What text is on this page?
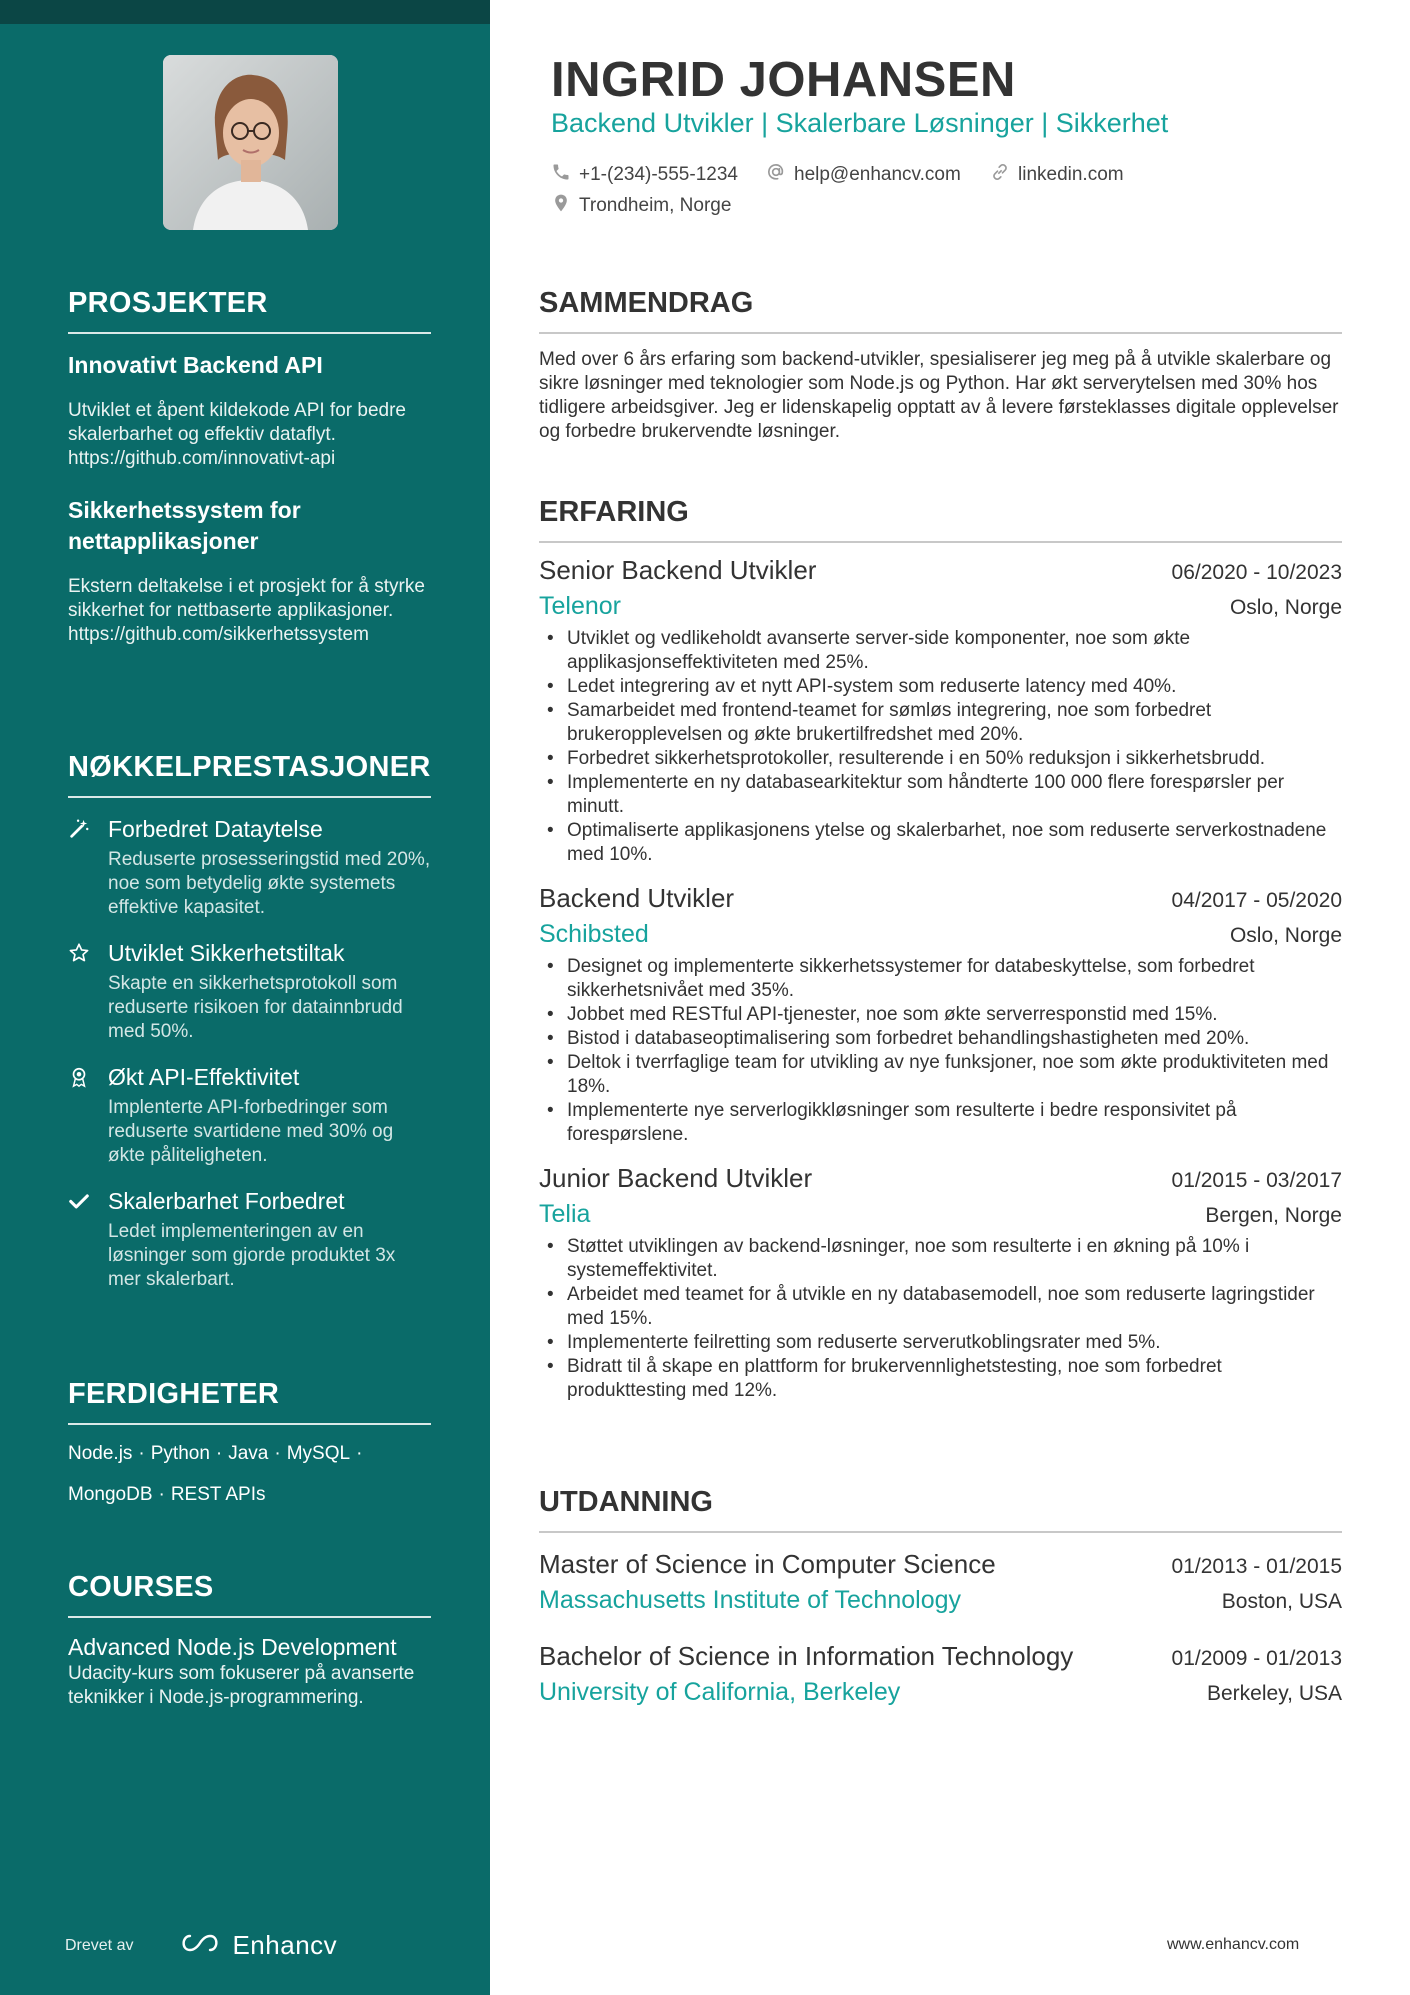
PROSJEKTER
Innovativt Backend API
Utviklet et åpent kildekode API for bedre skalerbarhet og effektiv dataflyt.
https://github.com/innovativt-api
Sikkerhetssystem for nettapplikasjoner
Ekstern deltakelse i et prosjekt for å styrke sikkerhet for nettbaserte applikasjoner.
https://github.com/sikkerhetssystem
NØKKELPRESTASJONER
Forbedret Dataytelse
Reduserte prosesseringstid med 20%, noe som betydelig økte systemets effektive kapasitet.
Utviklet Sikkerhetstiltak
Skapte en sikkerhetsprotokoll som reduserte risikoen for datainnbrudd med 50%.
Økt API-Effektivitet
Implenterte API-forbedringer som reduserte svartidene med 30% og økte påliteligheten.
Skalerbarhet Forbedret
Ledet implementeringen av en løsninger som gjorde produktet 3x mer skalerbart.
FERDIGHETER
Node.js · Python · Java · MySQL ·
MongoDB · REST APIs
COURSES
Advanced Node.js Development
Udacity-kurs som fokuserer på avanserte teknikker i Node.js-programmering.
Drevet av	Enhancv
INGRID JOHANSEN
Backend Utvikler | Skalerbare Løsninger | Sikkerhet
+1-(234)-555-1234	help@enhancv.com	linkedin.com
Trondheim, Norge
SAMMENDRAG

Med over 6 års erfaring som backend-utvikler, spesialiserer jeg meg på å utvikle skalerbare og sikre løsninger med teknologier som Node.js og Python. Har økt serverytelsen med 30% hos tidligere arbeidsgiver. Jeg er lidenskapelig opptatt av å levere førsteklasses digitale opplevelser og forbedre brukervendte løsninger.

ERFARING
Senior Backend Utvikler	06/2020 - 10/2023
Telenor	Oslo, Norge
• Utviklet og vedlikeholdt avanserte server-side komponenter, noe som økte applikasjonseffektiviteten med 25%.
• Ledet integrering av et nytt API-system som reduserte latency med 40%.
• Samarbeidet med frontend-teamet for sømløs integrering, noe som forbedret brukeropplevelsen og økte brukertilfredshet med 20%.
• Forbedret sikkerhetsprotokoller, resulterende i en 50% reduksjon i sikkerhetsbrudd.
• Implementerte en ny databasearkitektur som håndterte 100 000 flere forespørsler per minutt.
• Optimaliserte applikasjonens ytelse og skalerbarhet, noe som reduserte serverkostnadene med 10%.
Backend Utvikler	04/2017 - 05/2020
Schibsted	Oslo, Norge
• Designet og implementerte sikkerhetssystemer for databeskyttelse, som forbedret sikkerhetsnivået med 35%.
• Jobbet med RESTful API-tjenester, noe som økte serverresponstid med 15%.
• Bistod i databaseoptimalisering som forbedret behandlingshastigheten med 20%.
• Deltok i tverrfaglige team for utvikling av nye funksjoner, noe som økte produktiviteten med 18%.
• Implementerte nye serverlogikkløsninger som resulterte i bedre responsivitet på forespørslene.
Junior Backend Utvikler	01/2015 - 03/2017
Telia	Bergen, Norge
• Støttet utviklingen av backend-løsninger, noe som resulterte i en økning på 10% i systemeffektivitet.
• Arbeidet med teamet for å utvikle en ny databasemodell, noe som reduserte lagringstider med 15%.
• Implementerte feilretting som reduserte serverutkoblingsrater med 5%.
• Bidratt til å skape en plattform for brukervennlighetstesting, noe som forbedret produkttesting med 12%.
UTDANNING
Master of Science in Computer Science	01/2013 - 01/2015
Massachusetts Institute of Technology	Boston, USA
Bachelor of Science in Information Technology	01/2009 - 01/2013
University of California, Berkeley	Berkeley, USA
www.enhancv.com
